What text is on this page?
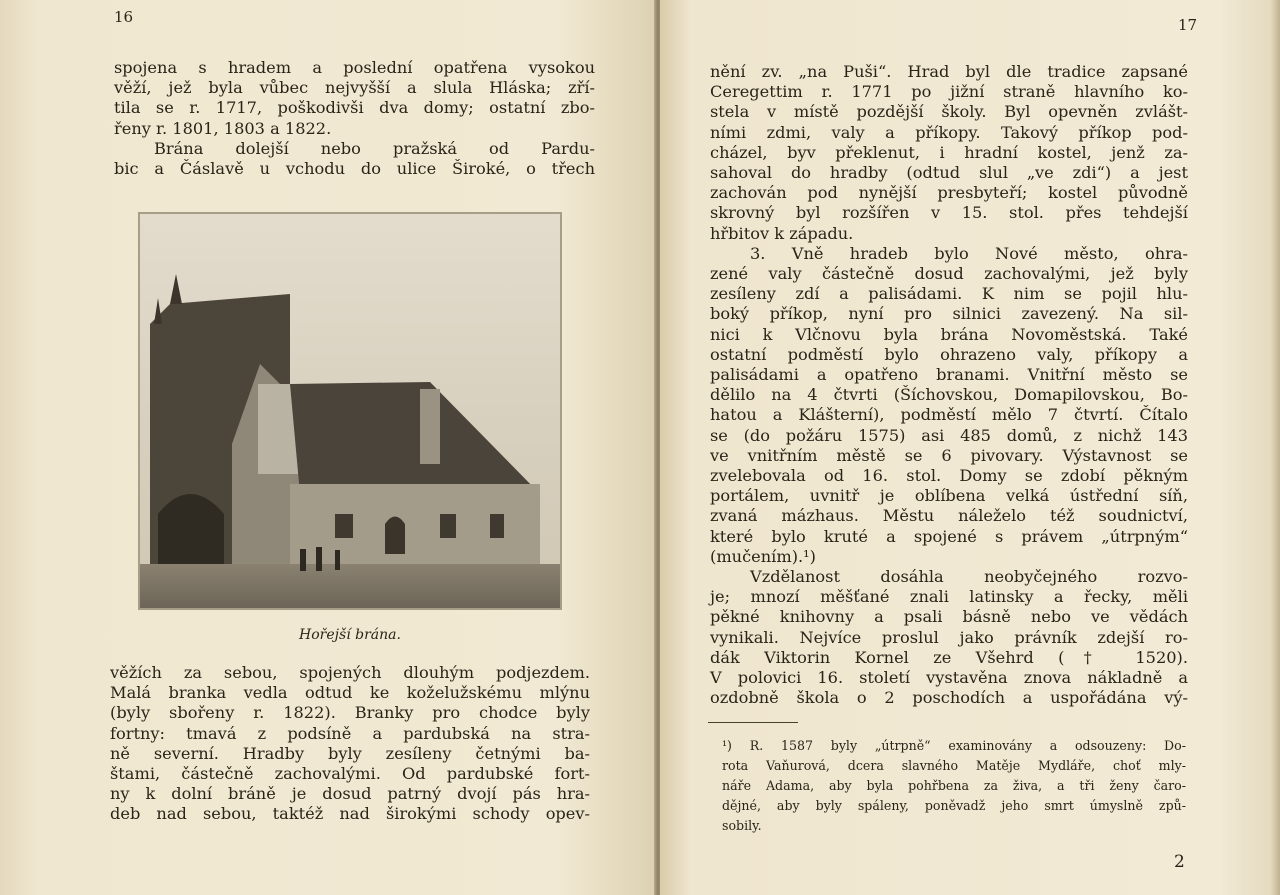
16
spojena s hradem a poslední opatřena vysokou
věží, jež byla vůbec nejvyšší a slula Hláska; zří-
tila se r. 1717, poškodivši dva domy; ostatní zbo-
řeny r. 1801, 1803 a 1822.
Brána dolejší nebo pražská od Pardu-
bic a Čáslavě u vchodu do ulice Široké, o třech
Hořejší brána.
věžích za sebou, spojených dlouhým podjezdem.
Malá branka vedla odtud ke koželužskému mlýnu
(byly sbořeny r. 1822). Branky pro chodce byly
fortny: tmavá z podsíně a pardubská na stra-
ně severní. Hradby byly zesíleny četnými ba-
štami, částečně zachovalými. Od pardubské fort-
ny k dolní bráně je dosud patrný dvojí pás hra-
deb nad sebou, taktéž nad širokými schody opev-
17
nění zv. „na Puši“. Hrad byl dle tradice zapsané
Ceregettim r. 1771 po jižní straně hlavního ko-
stela v místě pozdější školy. Byl opevněn zvlášt-
ními zdmi, valy a příkopy. Takový příkop pod-
cházel, byv překlenut, i hradní kostel, jenž za-
sahoval do hradby (odtud slul „ve zdi“) a jest
zachován pod nynější presbyteří; kostel původně
skrovný byl rozšířen v 15. stol. přes tehdejší
hřbitov k západu.
3. Vně hradeb bylo Nové město, ohra-
zené valy částečně dosud zachovalými, jež byly
zesíleny zdí a palisádami. K nim se pojil hlu-
boký příkop, nyní pro silnici zavezený. Na sil-
nici k Vlčnovu byla brána Novoměstská. Také
ostatní podměstí bylo ohrazeno valy, příkopy a
palisádami a opatřeno branami. Vnitřní město se
dělilo na 4 čtvrti (Šíchovskou, Domapilovskou, Bo-
hatou a Klášterní), podměstí mělo 7 čtvrtí. Čítalo
se (do požáru 1575) asi 485 domů, z nichž 143
ve vnitřním městě se 6 pivovary. Výstavnost se
zvelebovala od 16. stol. Domy se zdobí pěkným
portálem, uvnitř je oblíbena velká ústřední síň,
zvaná mázhaus. Městu náleželo též soudnictví,
které bylo kruté a spojené s právem „útrpným“
(mučením).¹)
Vzdělanost dosáhla neobyčejného rozvo-
je; mnozí měšťané znali latinsky a řecky, měli
pěkné knihovny a psali básně nebo ve vědách
vynikali. Nejvíce proslul jako právník zdejší ro-
dák Viktorin Kornel ze Všehrd († 1520).
V polovici 16. století vystavěna znova nákladně a
ozdobně škola o 2 poschodích a uspořádána vý-
¹) R. 1587 byly „útrpně“ examinovány a odsouzeny: Do-
rota Vaňurová, dcera slavného Matěje Mydláře, choť mly-
náře Adama, aby byla pohřbena za živa, a tři ženy čaro-
dějné, aby byly spáleny, poněvadž jeho smrt úmyslně způ-
sobily.
2
